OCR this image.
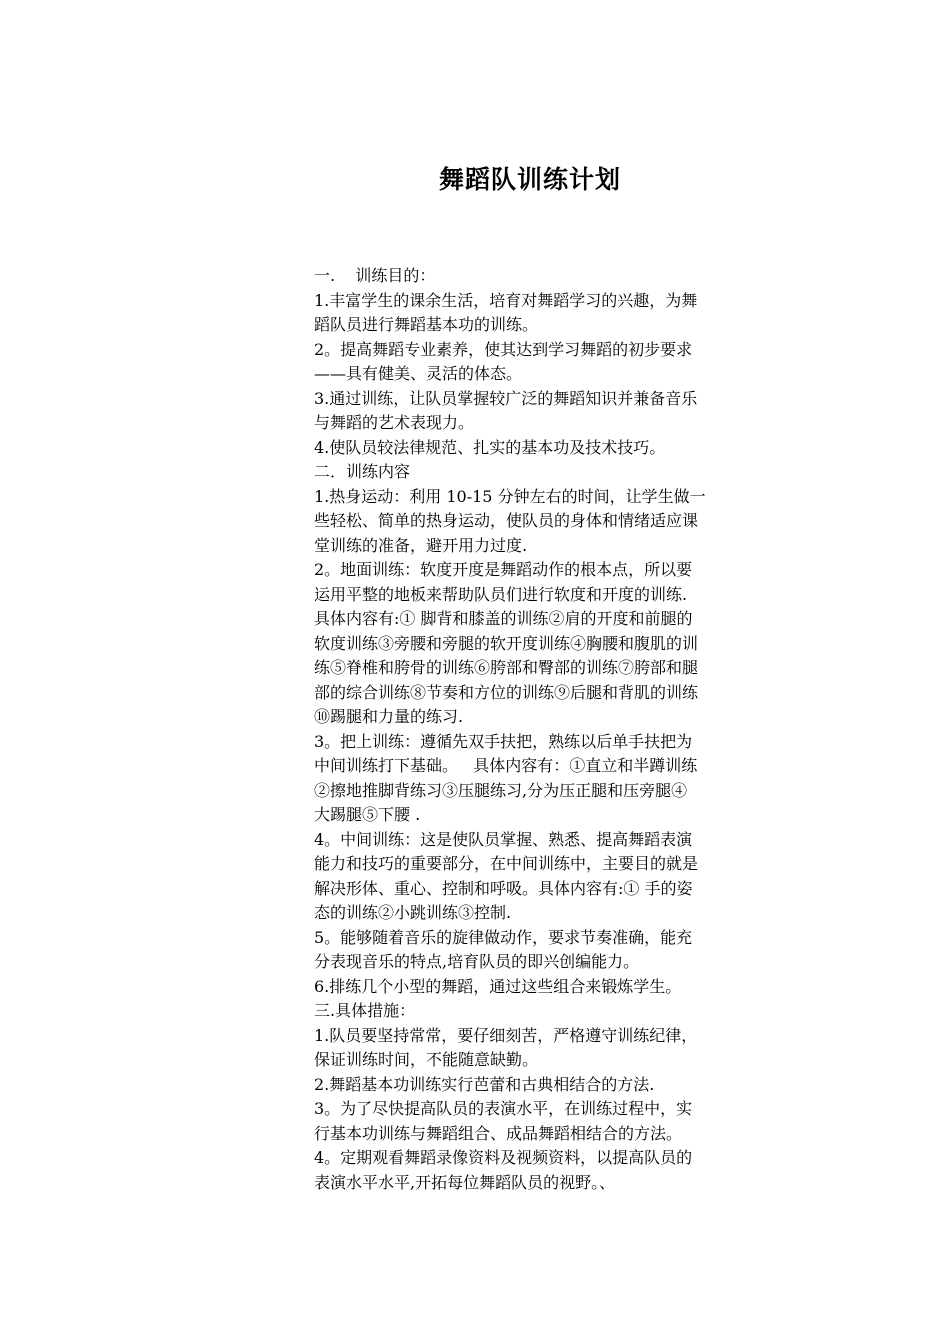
舞蹈队训练计划
一.    训练目的：
1.丰富学生的课余生活，培育对舞蹈学习的兴趣，为舞
蹈队员进行舞蹈基本功的训练。
2。提高舞蹈专业素养，使其达到学习舞蹈的初步要求
——具有健美、灵活的体态。
3.通过训练，让队员掌握较广泛的舞蹈知识并兼备音乐
与舞蹈的艺术表现力。
4.使队员较法律规范、扎实的基本功及技术技巧。
二．训练内容
1.热身运动：利用 10-15 分钟左右的时间，让学生做一
些轻松、简单的热身运动，使队员的身体和情绪适应课
堂训练的准备，避开用力过度.
2。地面训练：软度开度是舞蹈动作的根本点，所以要
运用平整的地板来帮助队员们进行软度和开度的训练.
具体内容有:① 脚背和膝盖的训练②肩的开度和前腿的
软度训练③旁腰和旁腿的软开度训练④胸腰和腹肌的训
练⑤脊椎和胯骨的训练⑥胯部和臀部的训练⑦胯部和腿
部的综合训练⑧节奏和方位的训练⑨后腿和背肌的训练
⑩踢腿和力量的练习.
3。把上训练：遵循先双手扶把，熟练以后单手扶把为
中间训练打下基础。   具体内容有：①直立和半蹲训练
②擦地推脚背练习③压腿练习,分为压正腿和压旁腿④
大踢腿⑤下腰 .
4。中间训练：这是使队员掌握、熟悉、提高舞蹈表演
能力和技巧的重要部分，在中间训练中，主要目的就是
解决形体、重心、控制和呼吸。具体内容有:① 手的姿
态的训练②小跳训练③控制.
5。能够随着音乐的旋律做动作，要求节奏准确，能充
分表现音乐的特点,培育队员的即兴创编能力。
6.排练几个小型的舞蹈，通过这些组合来锻炼学生。
三.具体措施：
1.队员要坚持常常，要仔细刻苦，严格遵守训练纪律，
保证训练时间，不能随意缺勤。
2.舞蹈基本功训练实行芭蕾和古典相结合的方法.
3。为了尽快提高队员的表演水平，在训练过程中，实
行基本功训练与舞蹈组合、成品舞蹈相结合的方法。
4。定期观看舞蹈录像资料及视频资料，以提高队员的
表演水平水平,开拓每位舞蹈队员的视野。、
